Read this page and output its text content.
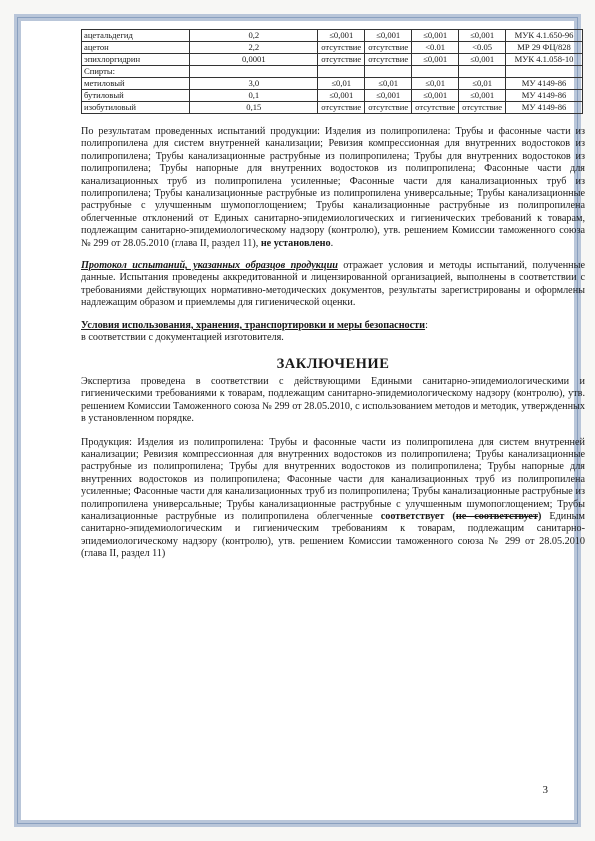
ацетальдегид	0,2	≤0,001	≤0,001	≤0,001	≤0,001	МУК 4.1.650-96
ацетон	2,2	отсутствие	отсутствие	<0.01	<0.05	МР 29 ФЦ/828
эпихлоргидрин	0,0001	отсутствие	отсутствие	≤0,001	≤0,001	МУК 4.1.058-10
Спирты:						
метиловый	3,0	≤0,01	≤0,01	≤0,01	≤0,01	МУ 4149-86
бутиловый	0,1	≤0,001	≤0,001	≤0,001	≤0,001	МУ 4149-86
изобутиловый	0,15	отсутствие	отсутствие	отсутствие	отсутствие	МУ 4149-86

По результатам проведенных испытаний продукции: Изделия из полипропилена: Трубы и фасонные части из полипропилена для систем внутренней канализации; Ревизия компрессионная для внутренних водостоков из полипропилена; Трубы канализационные раструбные из полипропилена; Трубы для внутренних водостоков из полипропилена; Трубы напорные для внутренних водостоков из полипропилена; Фасонные части для канализационных труб из полипропилена усиленные; Фасонные части для канализационных труб из полипропилена; Трубы канализационные раструбные из полипропилена универсальные; Трубы канализационные раструбные с улучшенным шумопоглощением; Трубы канализационные раструбные из полипропилена облегченные отклонений от Единых санитарно-эпидемиологических и гигиенических требований к товарам, подлежащим санитарно-эпидемиологическому надзору (контролю), утв. решением Комиссии таможенного союза № 299 от 28.05.2010 (глава II, раздел 11), не установлено.

Протокол испытаний, указанных образцов продукции отражает условия и методы испытаний, полученные данные. Испытания проведены аккредитованной и лицензированной организацией, выполнены в соответствии с требованиями действующих нормативно-методических документов, результаты зарегистрированы и оформлены надлежащим образом и приемлемы для гигиенической оценки.

Условия использования, хранения, транспортировки и меры безопасности:
в соответствии с документацией изготовителя.

ЗАКЛЮЧЕНИЕ

Экспертиза проведена в соответствии с действующими Едиными санитарно-эпидемиологическими и гигиеническими требованиями к товарам, подлежащим санитарно-эпидемиологическому надзору (контролю), утв. решением Комиссии Таможенного союза № 299 от 28.05.2010, с использованием методов и методик, утвержденных в установленном порядке.

Продукция: Изделия из полипропилена: Трубы и фасонные части из полипропилена для систем внутренней канализации; Ревизия компрессионная для внутренних водостоков из полипропилена; Трубы канализационные раструбные из полипропилена; Трубы для внутренних водостоков из полипропилена; Трубы напорные для внутренних водостоков из полипропилена; Фасонные части для канализационных труб из полипропилена усиленные; Фасонные части для канализационных труб из полипропилена; Трубы канализационные раструбные из полипропилена универсальные; Трубы канализационные раструбные с улучшенным шумопоглощением; Трубы канализационные раструбные из полипропилена облегченные соответствует (не соответствует) Единым санитарно-эпидемиологическим и гигиеническим требованиям к товарам, подлежащим санитарно-эпидемиологическому надзору (контролю), утв. решением Комиссии таможенного союза № 299 от 28.05.2010 (глава II, раздел 11)

3
